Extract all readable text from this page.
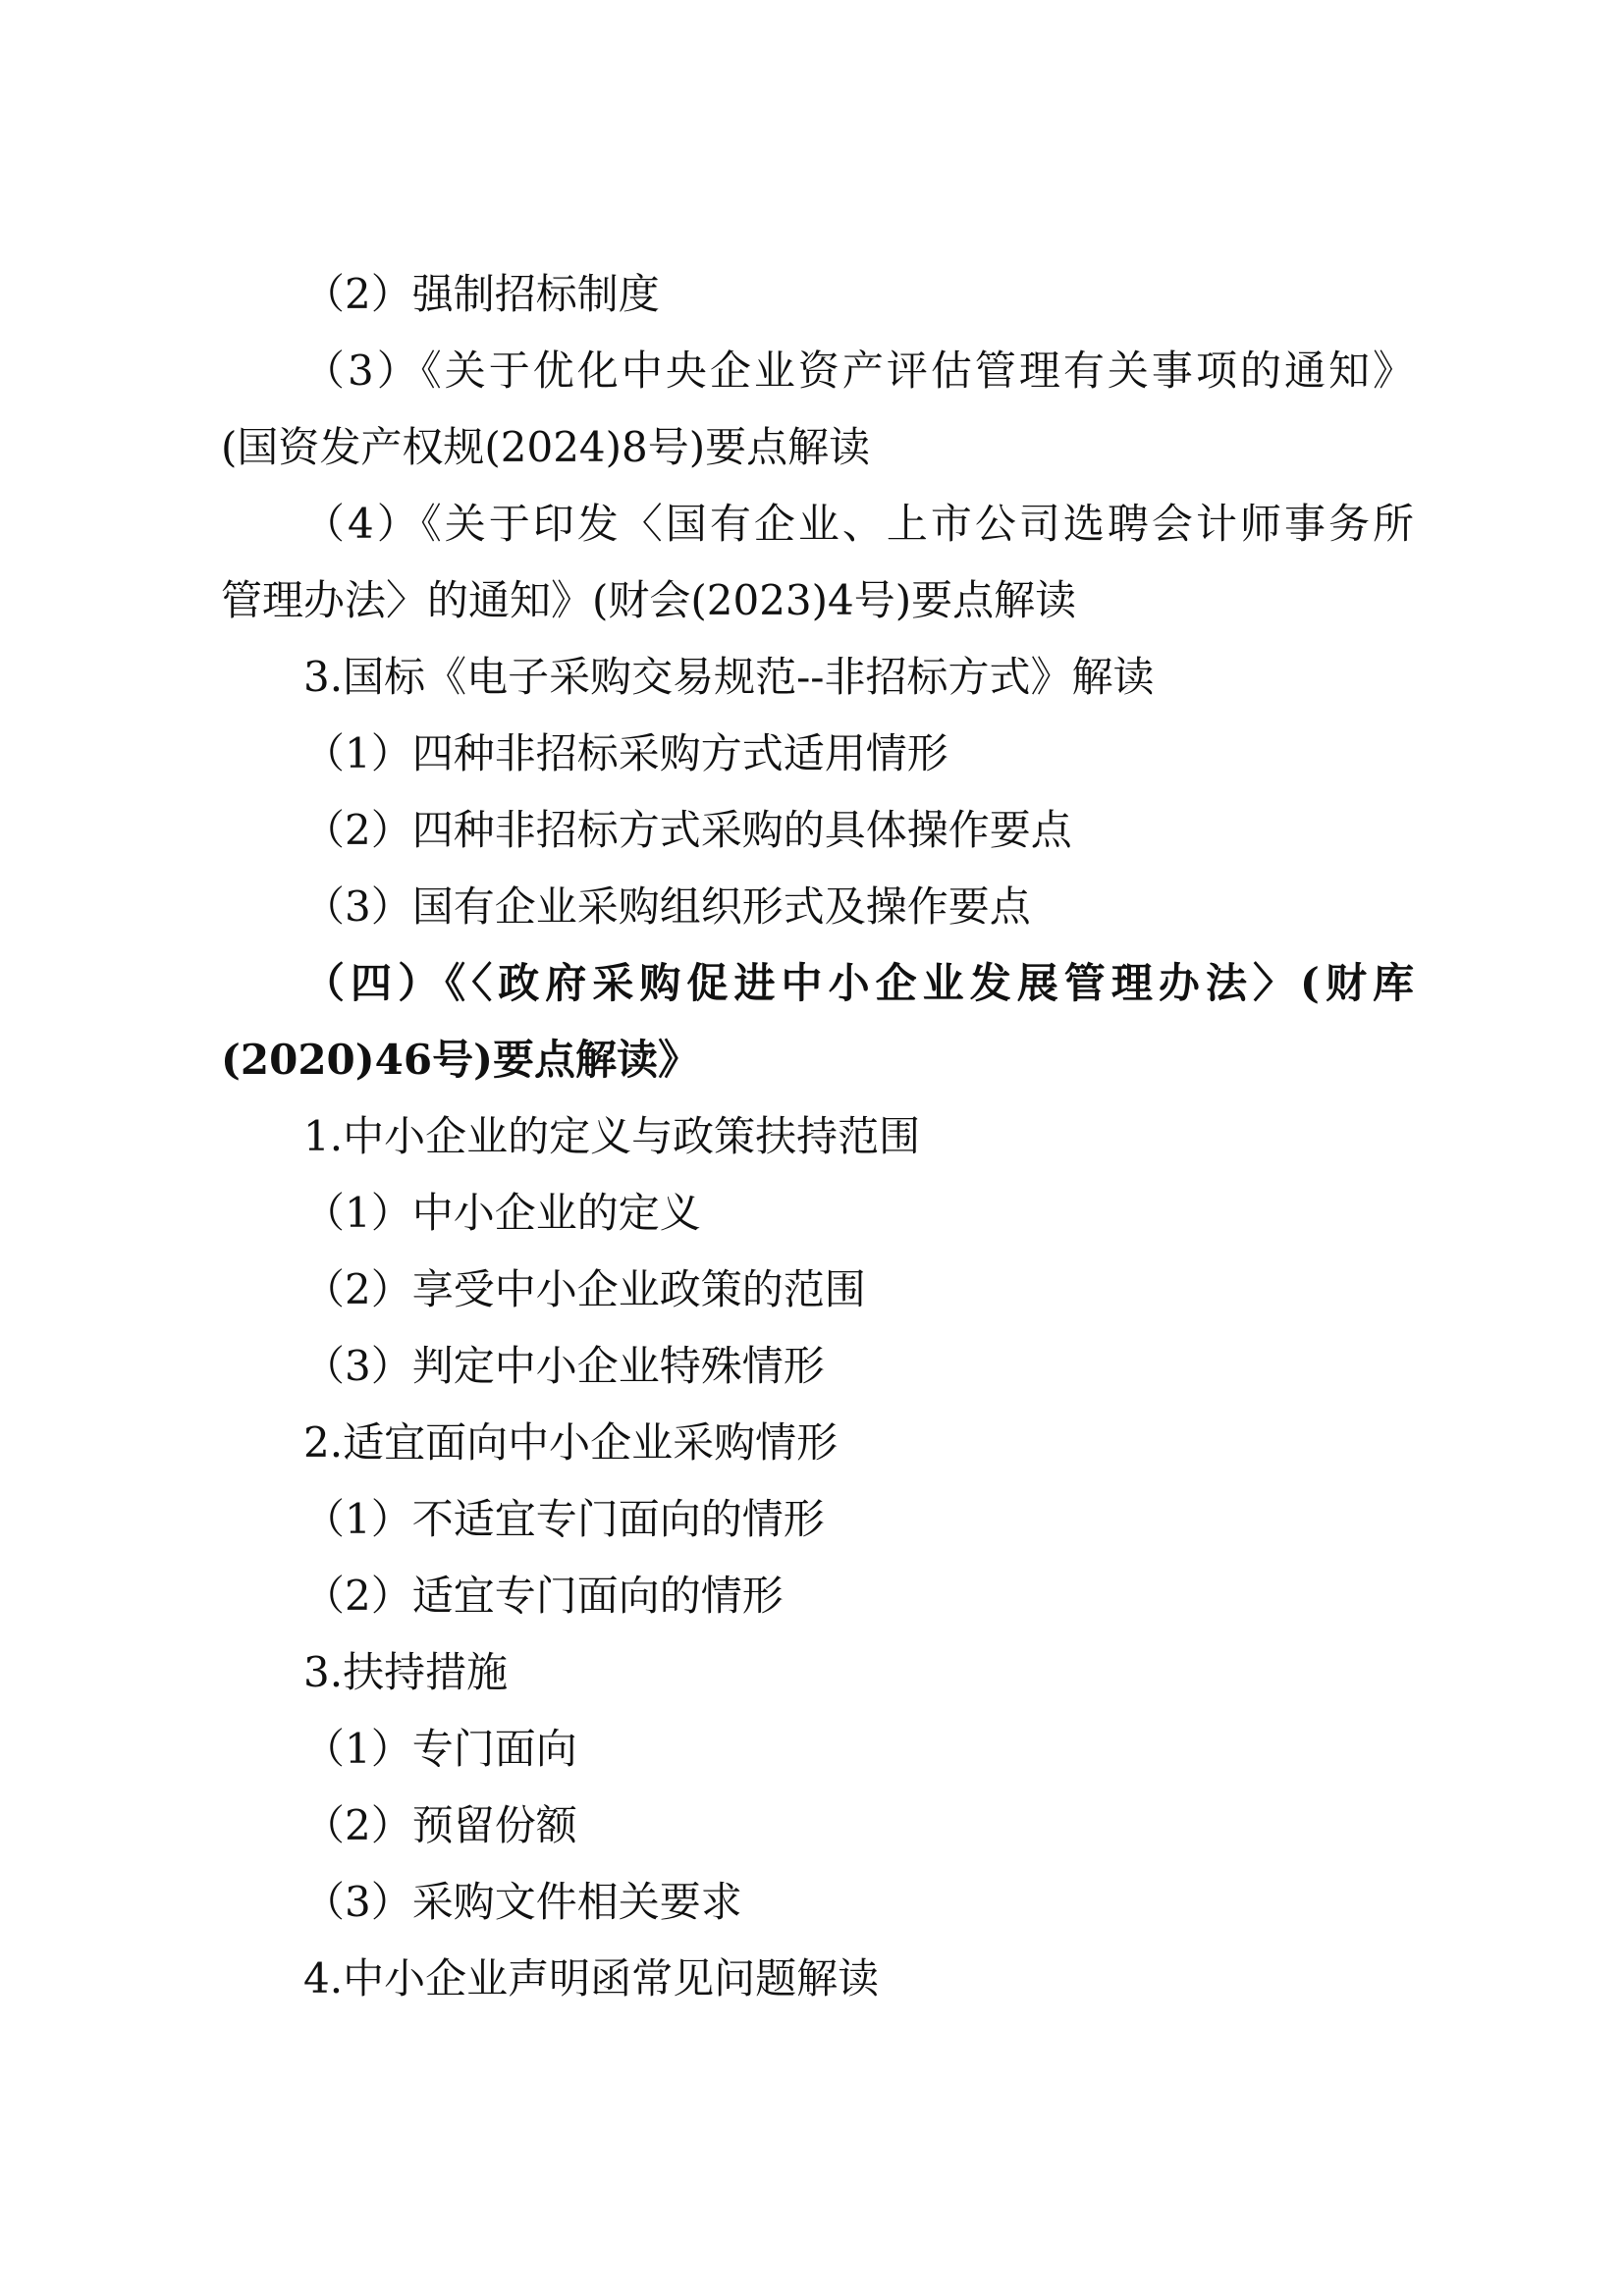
（2）强制招标制度
（3）《关于优化中央企业资产评估管理有关事项的通知》
(国资发产权规(2024)8号)要点解读
（4）《关于印发〈国有企业、上市公司选聘会计师事务所
管理办法〉的通知》(财会(2023)4号)要点解读
3.国标《电子采购交易规范--非招标方式》解读
（1）四种非招标采购方式适用情形
（2）四种非招标方式采购的具体操作要点
（3）国有企业采购组织形式及操作要点
（四）《〈政府采购促进中小企业发展管理办法〉(财库
(2020)46号)要点解读》
1.中小企业的定义与政策扶持范围
（1）中小企业的定义
（2）享受中小企业政策的范围
（3）判定中小企业特殊情形
2.适宜面向中小企业采购情形
（1）不适宜专门面向的情形
（2）适宜专门面向的情形
3.扶持措施
（1）专门面向
（2）预留份额
（3）采购文件相关要求
4.中小企业声明函常见问题解读
